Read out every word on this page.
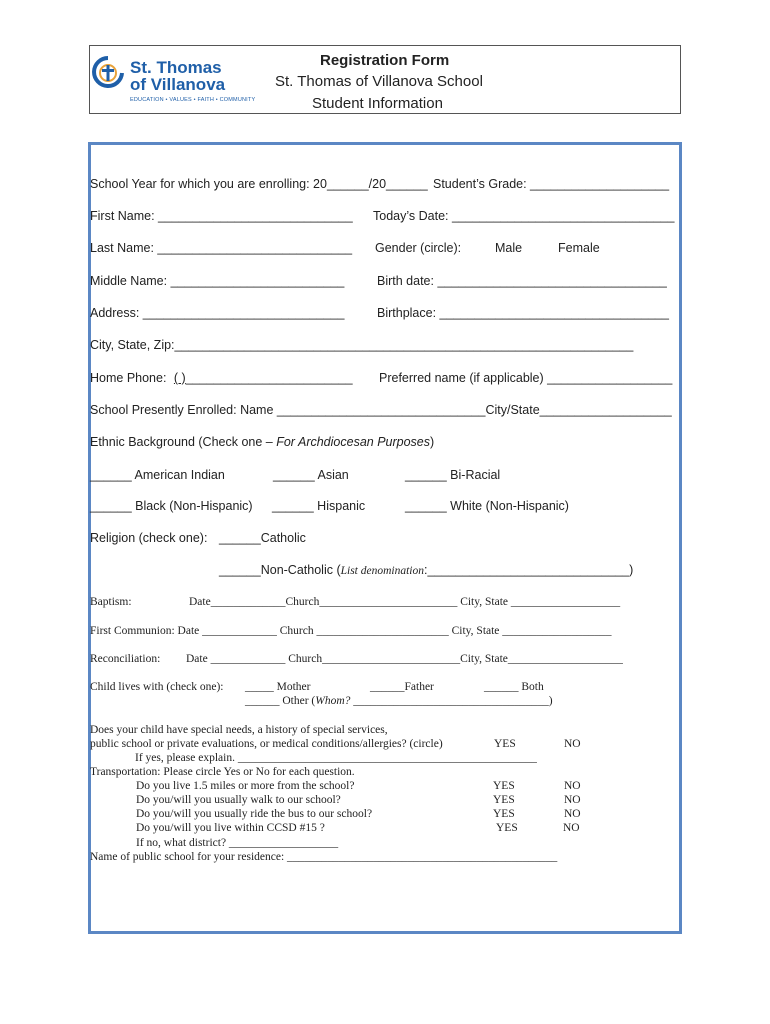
St. Thomas
of Villanova
EDUCATION • VALUES • FAITH • COMMUNITY
Registration Form
St. Thomas of Villanova School
Student Information
School Year for which you are enrolling: 20______/20______ Student’s Grade: ____________________
First Name: ____________________________ Today’s Date: ________________________________
Last Name: ____________________________ Gender (circle):	Male	Female
Middle Name: _________________________	Birth date: _________________________________
Address: _____________________________	Birthplace: _________________________________
City, State, Zip:__________________________________________________________________
Home Phone: ( )________________________ Preferred name (if applicable) __________________
School Presently Enrolled: Name ______________________________City/State___________________
Ethnic Background (Check one – For Archdiocesan Purposes)
______ American Indian	______ Asian	______ Bi-Racial
______ Black (Non-Hispanic) ______ Hispanic	______ White (Non-Hispanic)
Religion (check one): ______Catholic
______Non-Catholic (List denomination:_____________________________)
Baptism:	Date_____________Church________________________ City, State ___________________
First Communion: Date _____________ Church _______________________ City, State ___________________
Reconciliation: Date _____________ Church________________________City, State____________________
Child lives with (check one): _____ Mother	______Father	______ Both
______ Other (Whom? __________________________________)
Does your child have special needs, a history of special services,
public school or private evaluations, or medical conditions/allergies? (circle)	YES	NO
If yes, please explain. ____________________________________________________
Transportation: Please circle Yes or No for each question.
Do you live 1.5 miles or more from the school?	YES	NO
Do you/will you usually walk to our school?	YES	NO
Do you/will you usually ride the bus to our school?	YES	NO
Do you/will you live within CCSD #15 ?	YES	NO
If no, what district? ___________________
Name of public school for your residence: _______________________________________________
